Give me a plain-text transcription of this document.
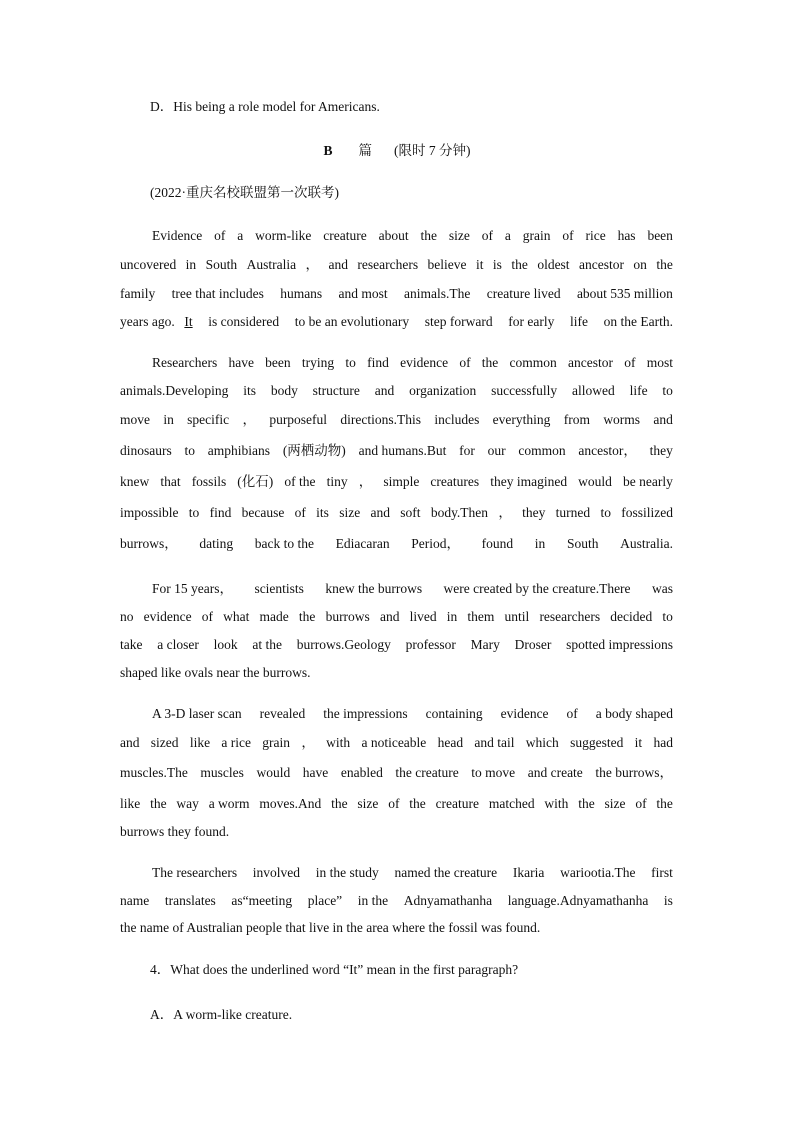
D．His being a role model for Americans.
B 篇 (限时 7 分钟)
(2022·重庆名校联盟第一次联考)
Evidence of a worm-like creature about the size of a grain of rice has been
uncovered in South Australia ， and researchers believe it is the oldest ancestor on the
family tree that includes humans and most animals.The creature lived about 535 million
years ago. It is considered to be an evolutionary step forward for early life on the Earth.
Researchers have been trying to find evidence of the common ancestor of most
animals.Developing its body structure and organization successfully allowed life to
move in specific ， purposeful directions.This includes everything from worms and
dinosaurs to amphibians (两栖动物) and humans.But for our common ancestor， they
knew that fossils (化石) of the tiny ， simple creatures they imagined would be nearly
impossible to find because of its size and soft body.Then ， they turned to fossilized
burrows， dating back to the Ediacaran Period， found in South Australia.
For 15 years， scientists knew the burrows were created by the creature.There was
no evidence of what made the burrows and lived in them until researchers decided to
take a closer look at the burrows.Geology professor Mary Droser spotted impressions
shaped like ovals near the burrows.
A 3-D laser scan revealed the impressions containing evidence of a body shaped
and sized like a rice grain ， with a noticeable head and tail which suggested it had
muscles.The muscles would have enabled the creature to move and create the burrows，
like the way a worm moves.And the size of the creature matched with the size of the
burrows they found.
The researchers involved in the study named the creature Ikaria wariootia.The first
name translates as“meeting place” in the Adnyamathanha language.Adnyamathanha is
the name of Australian people that live in the area where the fossil was found.
4．What does the underlined word “It” mean in the first paragraph?
A．A worm-like creature.
